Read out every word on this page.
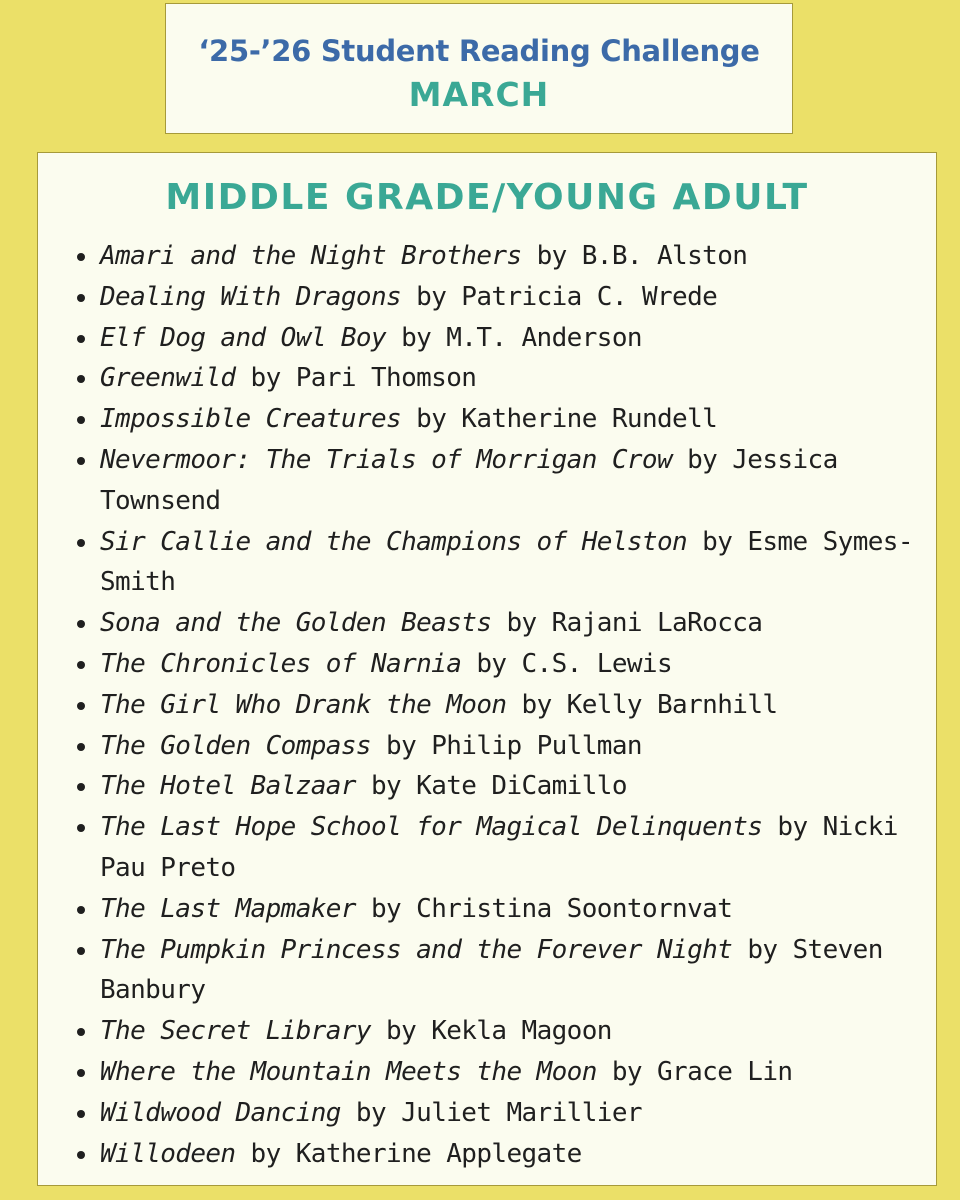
‘25-’26 Student Reading Challenge
MARCH
MIDDLE GRADE/YOUNG ADULT
Amari and the Night Brothers by B.B. Alston
Dealing With Dragons by Patricia C. Wrede
Elf Dog and Owl Boy by M.T. Anderson
Greenwild by Pari Thomson
Impossible Creatures by Katherine Rundell
Nevermoor: The Trials of Morrigan Crow by Jessica Townsend
Sir Callie and the Champions of Helston by Esme Symes-Smith
Sona and the Golden Beasts by Rajani LaRocca
The Chronicles of Narnia by C.S. Lewis
The Girl Who Drank the Moon by Kelly Barnhill
The Golden Compass by Philip Pullman
The Hotel Balzaar by Kate DiCamillo
The Last Hope School for Magical Delinquents by Nicki Pau Preto
The Last Mapmaker by Christina Soontornvat
The Pumpkin Princess and the Forever Night by Steven Banbury
The Secret Library by Kekla Magoon
Where the Mountain Meets the Moon by Grace Lin
Wildwood Dancing by Juliet Marillier
Willodeen by Katherine Applegate
